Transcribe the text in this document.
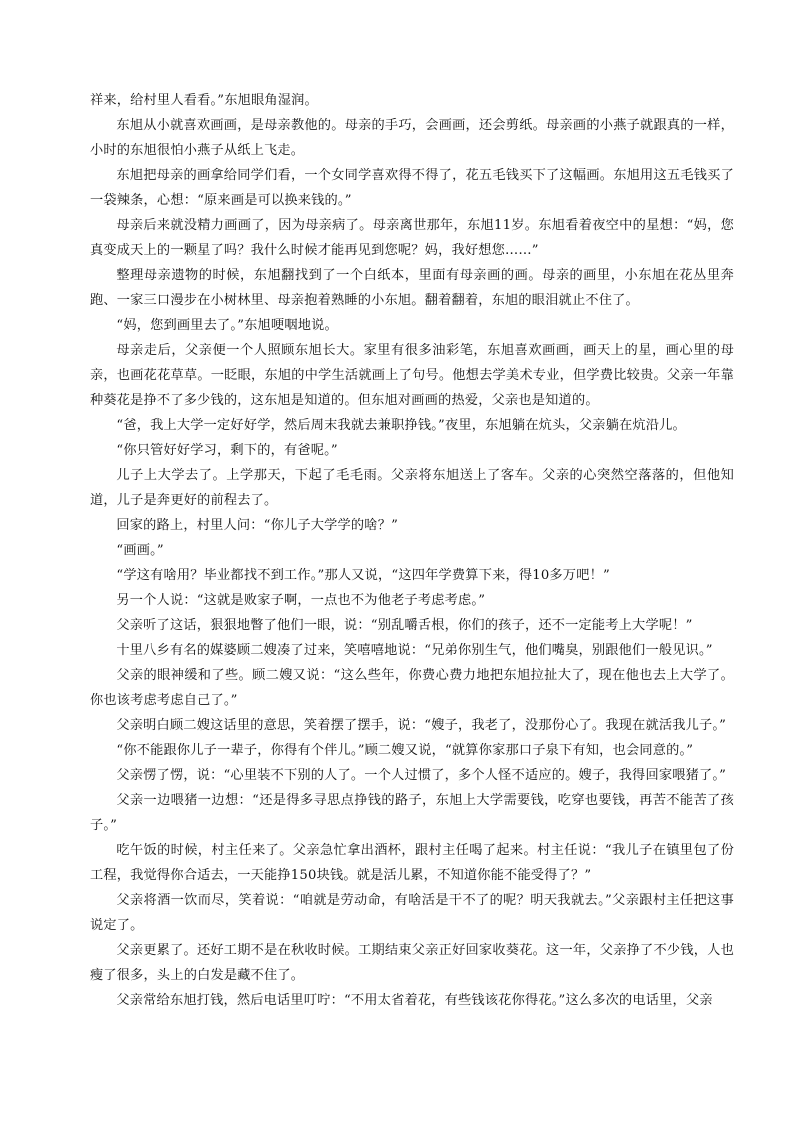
祥来，给村里人看看。”东旭眼角湿润。

东旭从小就喜欢画画，是母亲教他的。母亲的手巧，会画画，还会剪纸。母亲画的小燕子就跟真的一样，小时的东旭很怕小燕子从纸上飞走。

东旭把母亲的画拿给同学们看，一个女同学喜欢得不得了，花五毛钱买下了这幅画。东旭用这五毛钱买了一袋辣条，心想：“原来画是可以换来钱的。”

母亲后来就没精力画画了，因为母亲病了。母亲离世那年，东旭11岁。东旭看着夜空中的星想：“妈，您真变成天上的一颗星了吗？我什么时候才能再见到您呢？妈，我好想您……”

整理母亲遗物的时候，东旭翻找到了一个白纸本，里面有母亲画的画。母亲的画里，小东旭在花丛里奔跑、一家三口漫步在小树林里、母亲抱着熟睡的小东旭。翻着翻着，东旭的眼泪就止不住了。

“妈，您到画里去了。”东旭哽咽地说。

母亲走后，父亲便一个人照顾东旭长大。家里有很多油彩笔，东旭喜欢画画，画天上的星，画心里的母亲，也画花花草草。一眨眼，东旭的中学生活就画上了句号。他想去学美术专业，但学费比较贵。父亲一年靠种葵花是挣不了多少钱的，这东旭是知道的。但东旭对画画的热爱，父亲也是知道的。

“爸，我上大学一定好好学，然后周末我就去兼职挣钱。”夜里，东旭躺在炕头，父亲躺在炕沿儿。

“你只管好好学习，剩下的，有爸呢。”

儿子上大学去了。上学那天，下起了毛毛雨。父亲将东旭送上了客车。父亲的心突然空落落的，但他知道，儿子是奔更好的前程去了。

回家的路上，村里人问：“你儿子大学学的啥？”

“画画。”

“学这有啥用？毕业都找不到工作。”那人又说，“这四年学费算下来，得10多万吧！”

另一个人说：“这就是败家子啊，一点也不为他老子考虑考虑。”

父亲听了这话，狠狠地瞥了他们一眼，说：“别乱嚼舌根，你们的孩子，还不一定能考上大学呢！”

十里八乡有名的媒婆顾二嫂凑了过来，笑嘻嘻地说：“兄弟你别生气，他们嘴臭，别跟他们一般见识。”

父亲的眼神缓和了些。顾二嫂又说：“这么些年，你费心费力地把东旭拉扯大了，现在他也去上大学了。你也该考虑考虑自己了。”

父亲明白顾二嫂这话里的意思，笑着摆了摆手，说：“嫂子，我老了，没那份心了。我现在就活我儿子。”

“你不能跟你儿子一辈子，你得有个伴儿。”顾二嫂又说，“就算你家那口子泉下有知，也会同意的。”

父亲愣了愣，说：“心里装不下别的人了。一个人过惯了，多个人怪不适应的。嫂子，我得回家喂猪了。”

父亲一边喂猪一边想：“还是得多寻思点挣钱的路子，东旭上大学需要钱，吃穿也要钱，再苦不能苦了孩子。”

吃午饭的时候，村主任来了。父亲急忙拿出酒杯，跟村主任喝了起来。村主任说：“我儿子在镇里包了份工程，我觉得你合适去，一天能挣150块钱。就是活儿累，不知道你能不能受得了？”

父亲将酒一饮而尽，笑着说：“咱就是劳动命，有啥活是干不了的呢？明天我就去。”父亲跟村主任把这事说定了。

父亲更累了。还好工期不是在秋收时候。工期结束父亲正好回家收葵花。这一年，父亲挣了不少钱，人也瘦了很多，头上的白发是藏不住了。

父亲常给东旭打钱，然后电话里叮咛：“不用太省着花，有些钱该花你得花。”这么多次的电话里，父亲
